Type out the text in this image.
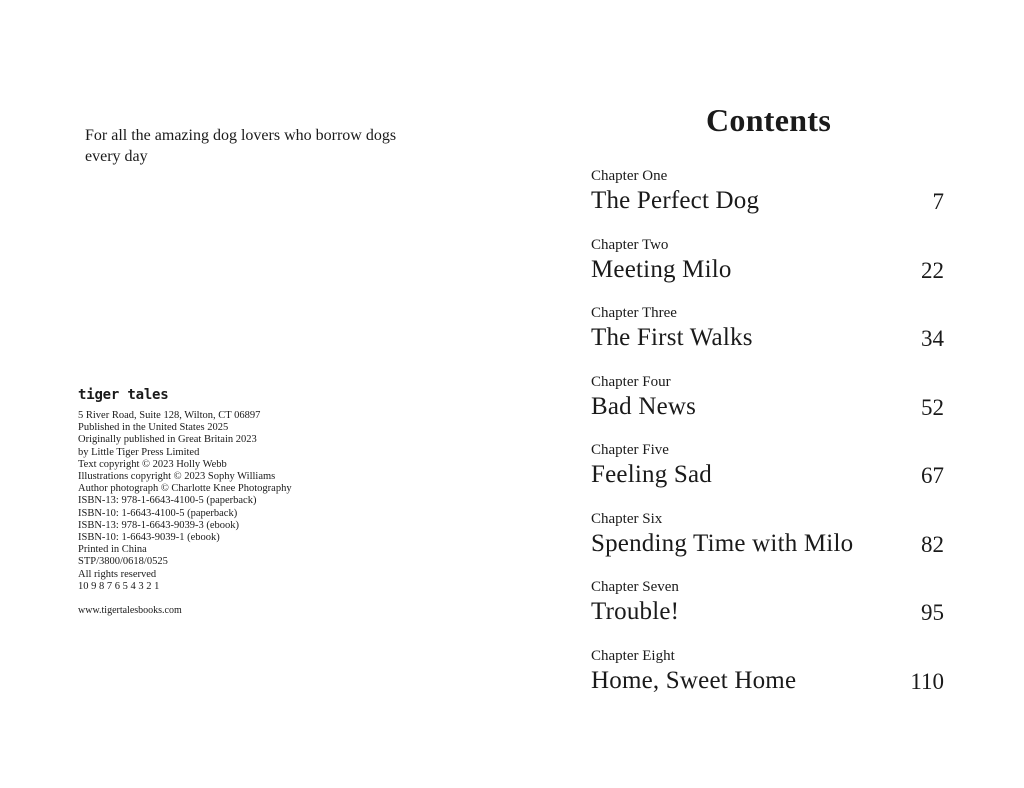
For all the amazing dog lovers who borrow dogs every day

tiger tales
5 River Road, Suite 128, Wilton, CT 06897
Published in the United States 2025
Originally published in Great Britain 2023
by Little Tiger Press Limited
Text copyright © 2023 Holly Webb
Illustrations copyright © 2023 Sophy Williams
Author photograph © Charlotte Knee Photography
ISBN-13: 978-1-6643-4100-5 (paperback)
ISBN-10: 1-6643-4100-5 (paperback)
ISBN-13: 978-1-6643-9039-3 (ebook)
ISBN-10: 1-6643-9039-1 (ebook)
Printed in China
STP/3800/0618/0525
All rights reserved
10 9 8 7 6 5 4 3 2 1

www.tigertalesbooks.com

Contents
Chapter One
The Perfect Dog	7
Chapter Two
Meeting Milo	22
Chapter Three
The First Walks	34
Chapter Four
Bad News	52
Chapter Five
Feeling Sad	67
Chapter Six
Spending Time with Milo	82
Chapter Seven
Trouble!	95
Chapter Eight
Home, Sweet Home	110
